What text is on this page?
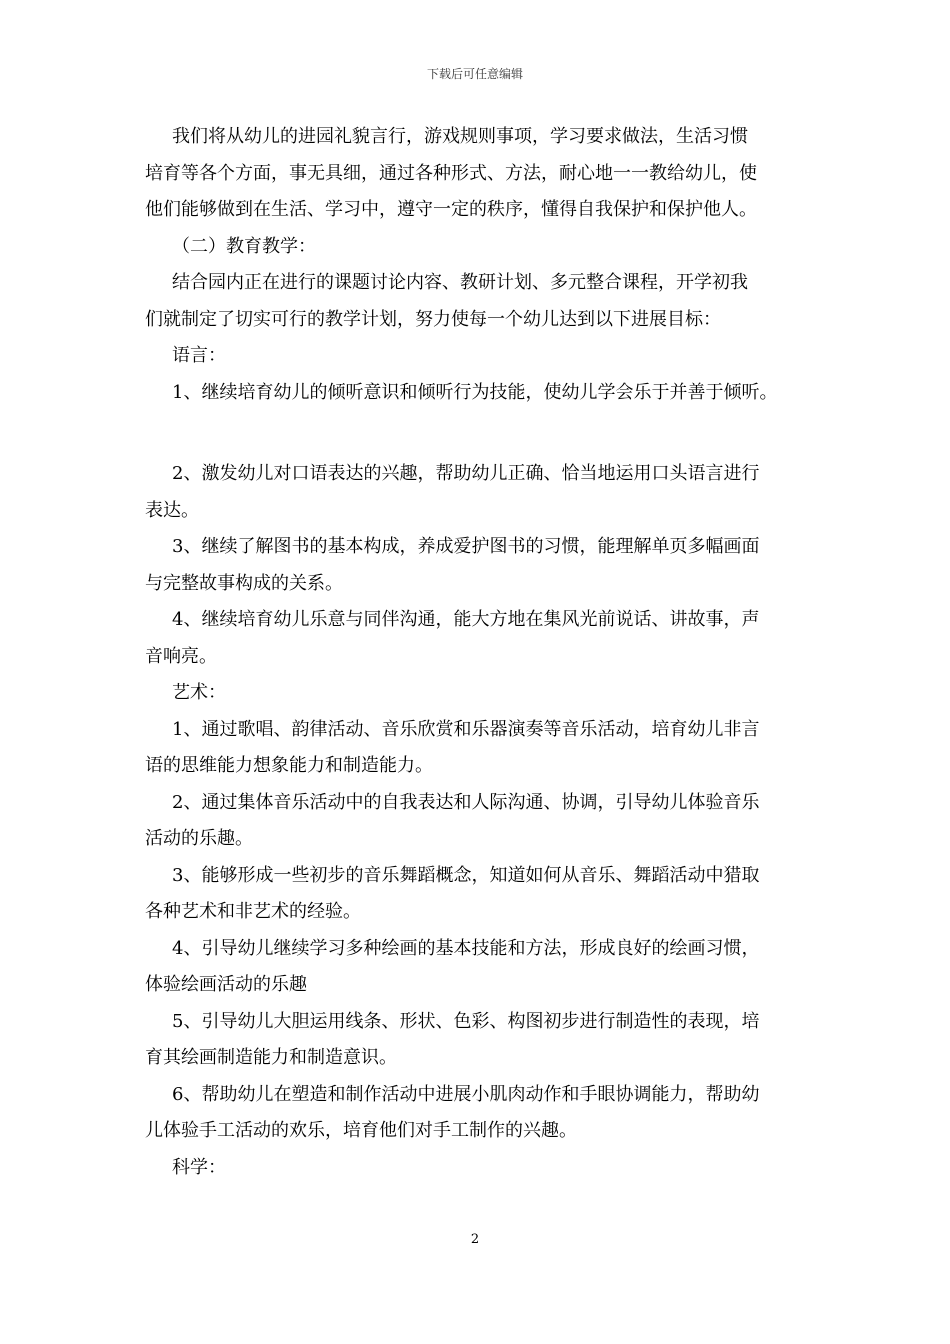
下载后可任意编辑
我们将从幼儿的进园礼貌言行，游戏规则事项，学习要求做法，生活习惯
培育等各个方面，事无具细，通过各种形式、方法，耐心地一一教给幼儿，使
他们能够做到在生活、学习中，遵守一定的秩序，懂得自我保护和保护他人。
（二）教育教学：
结合园内正在进行的课题讨论内容、教研计划、多元整合课程，开学初我
们就制定了切实可行的教学计划，努力使每一个幼儿达到以下进展目标：
语言：
1、继续培育幼儿的倾听意识和倾听行为技能，使幼儿学会乐于并善于倾听。
2、激发幼儿对口语表达的兴趣，帮助幼儿正确、恰当地运用口头语言进行
表达。
3、继续了解图书的基本构成，养成爱护图书的习惯，能理解单页多幅画面
与完整故事构成的关系。
4、继续培育幼儿乐意与同伴沟通，能大方地在集风光前说话、讲故事，声
音响亮。
艺术：
1、通过歌唱、韵律活动、音乐欣赏和乐器演奏等音乐活动，培育幼儿非言
语的思维能力想象能力和制造能力。
2、通过集体音乐活动中的自我表达和人际沟通、协调，引导幼儿体验音乐
活动的乐趣。
3、能够形成一些初步的音乐舞蹈概念，知道如何从音乐、舞蹈活动中猎取
各种艺术和非艺术的经验。
4、引导幼儿继续学习多种绘画的基本技能和方法，形成良好的绘画习惯，
体验绘画活动的乐趣
5、引导幼儿大胆运用线条、形状、色彩、构图初步进行制造性的表现，培
育其绘画制造能力和制造意识。
6、帮助幼儿在塑造和制作活动中进展小肌肉动作和手眼协调能力，帮助幼
儿体验手工活动的欢乐，培育他们对手工制作的兴趣。
科学：
2
